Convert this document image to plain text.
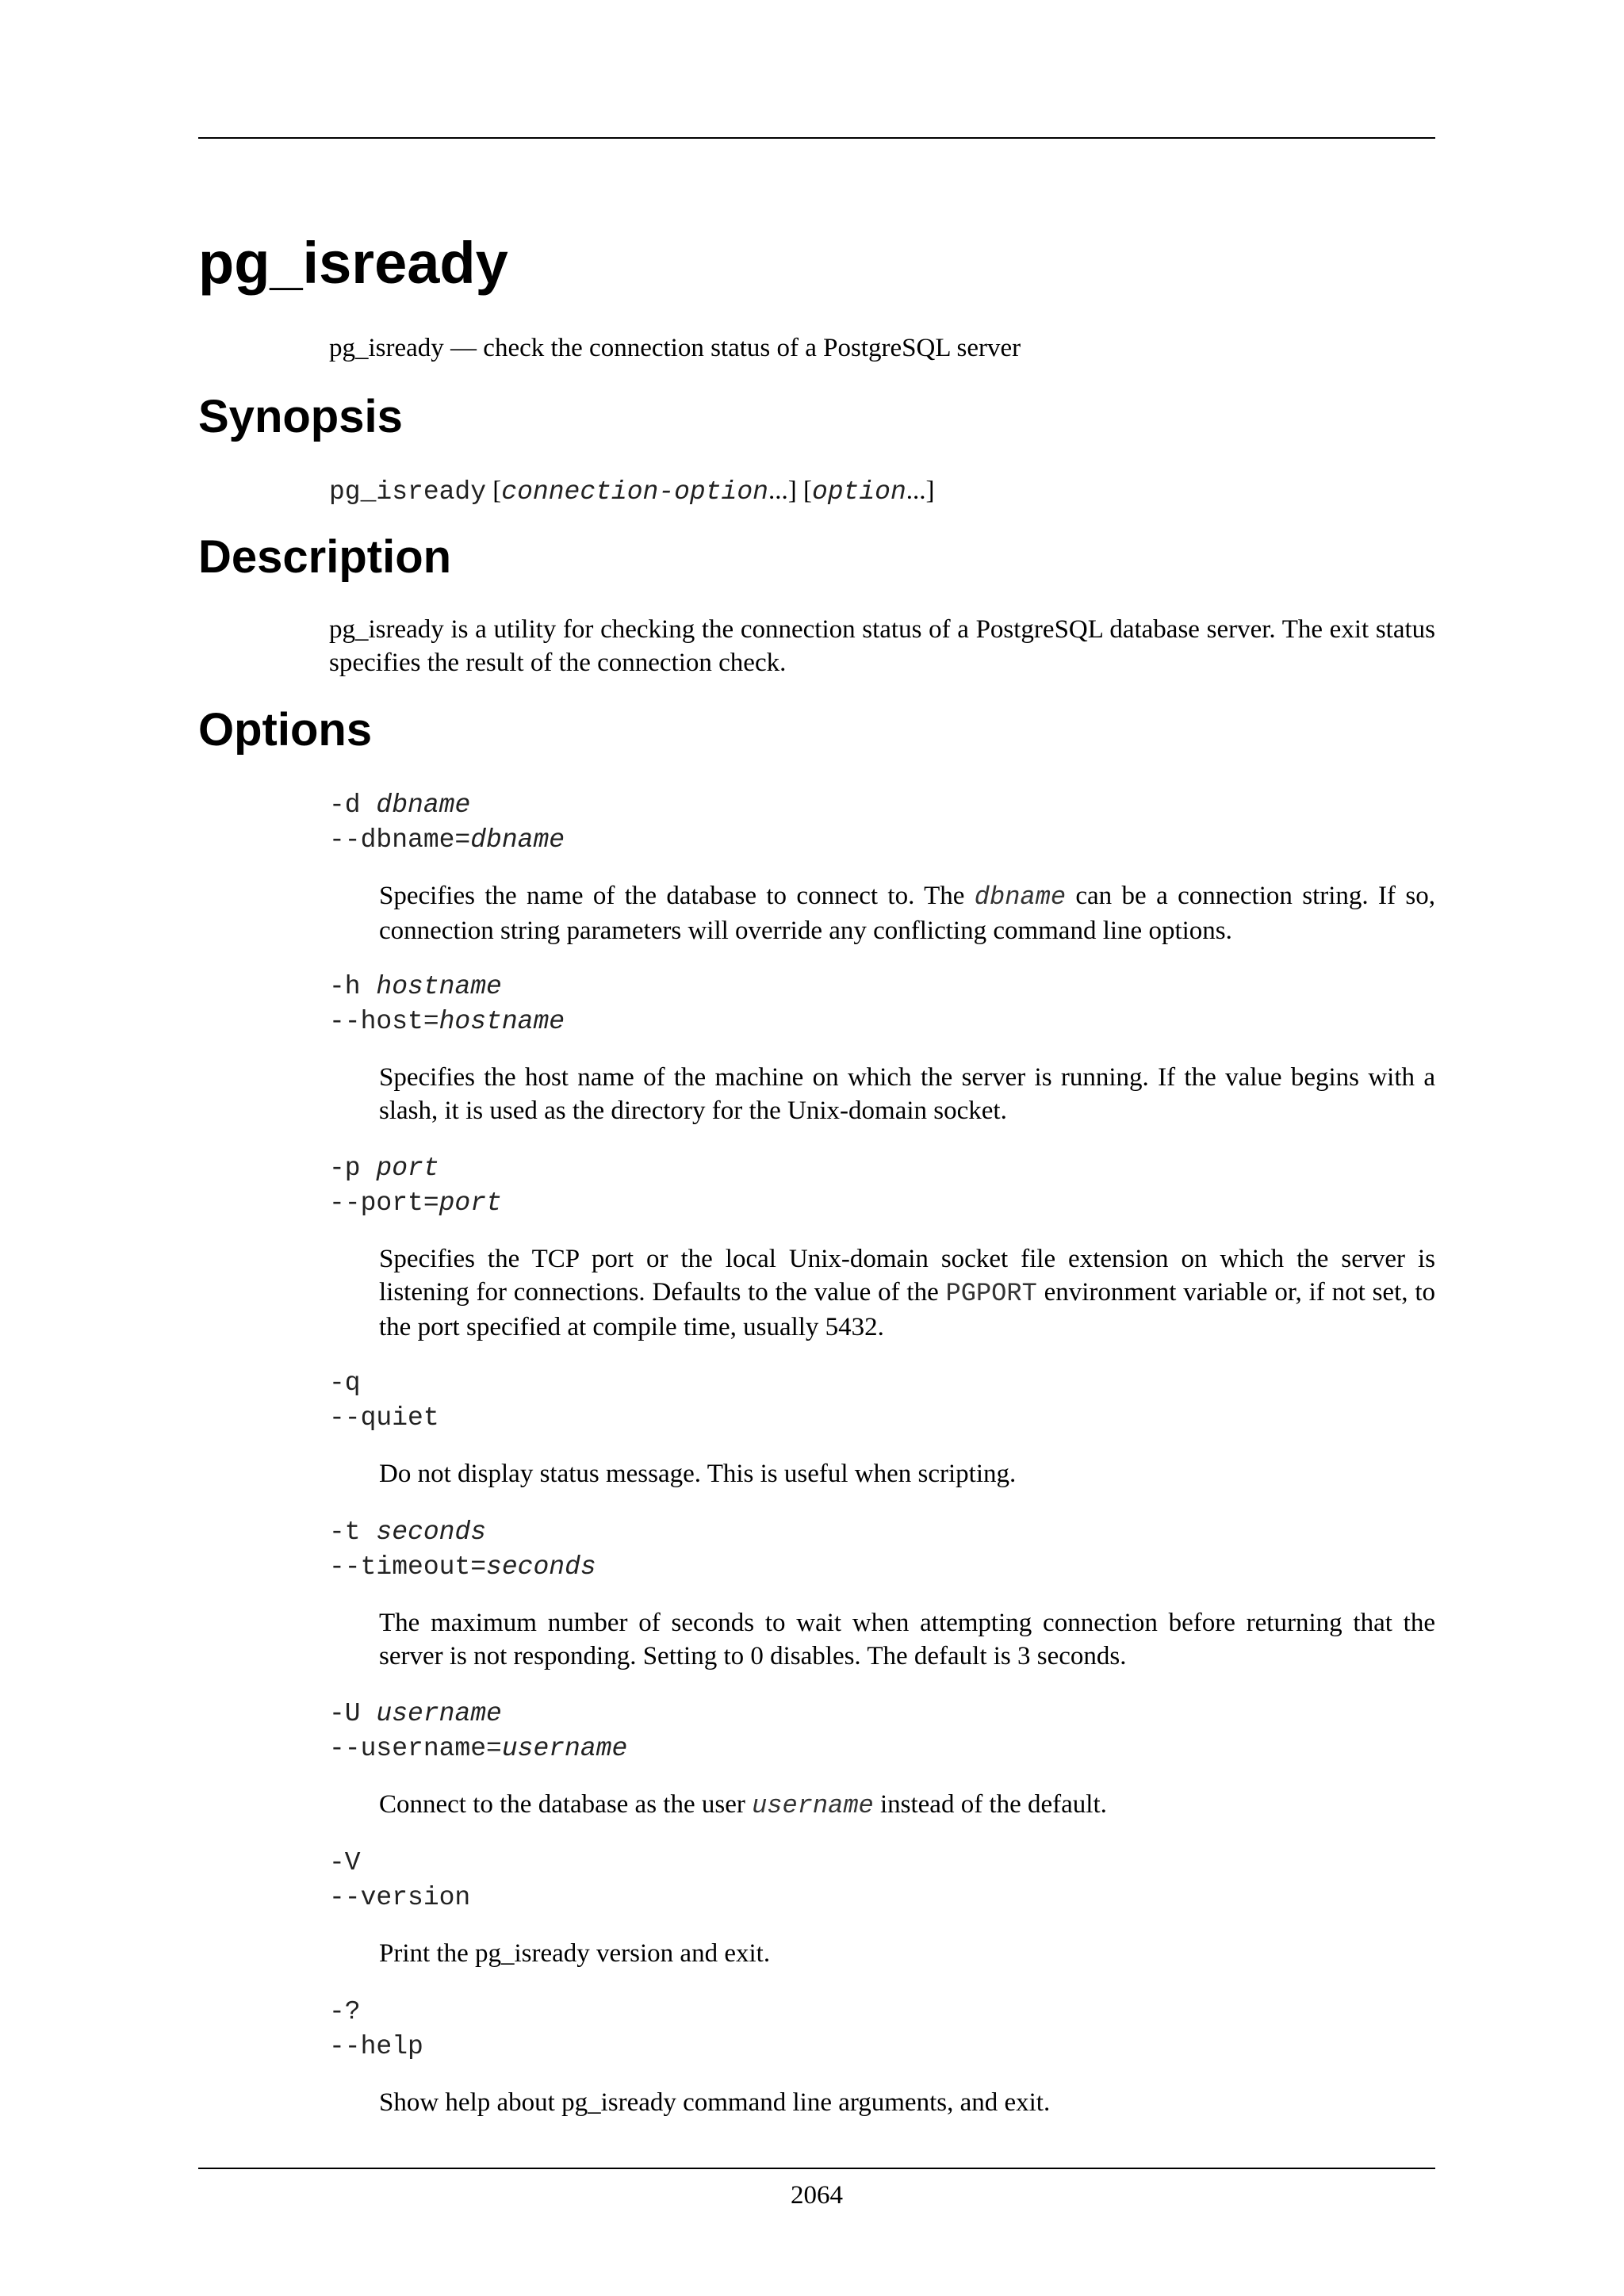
pg_isready
pg_isready — check the connection status of a PostgreSQL server
Synopsis
pg_isready [connection-option...] [option...]
Description
pg_isready is a utility for checking the connection status of a PostgreSQL database server. The exit status specifies the result of the connection check.
Options
-d dbname
--dbname=dbname
Specifies the name of the database to connect to. The dbname can be a connection string. If so, connection string parameters will override any conflicting command line options.
-h hostname
--host=hostname
Specifies the host name of the machine on which the server is running. If the value begins with a slash, it is used as the directory for the Unix-domain socket.
-p port
--port=port
Specifies the TCP port or the local Unix-domain socket file extension on which the server is listening for connections. Defaults to the value of the PGPORT environment variable or, if not set, to the port specified at compile time, usually 5432.
-q
--quiet
Do not display status message. This is useful when scripting.
-t seconds
--timeout=seconds
The maximum number of seconds to wait when attempting connection before returning that the server is not responding. Setting to 0 disables. The default is 3 seconds.
-U username
--username=username
Connect to the database as the user username instead of the default.
-V
--version
Print the pg_isready version and exit.
-?
--help
Show help about pg_isready command line arguments, and exit.
2064
